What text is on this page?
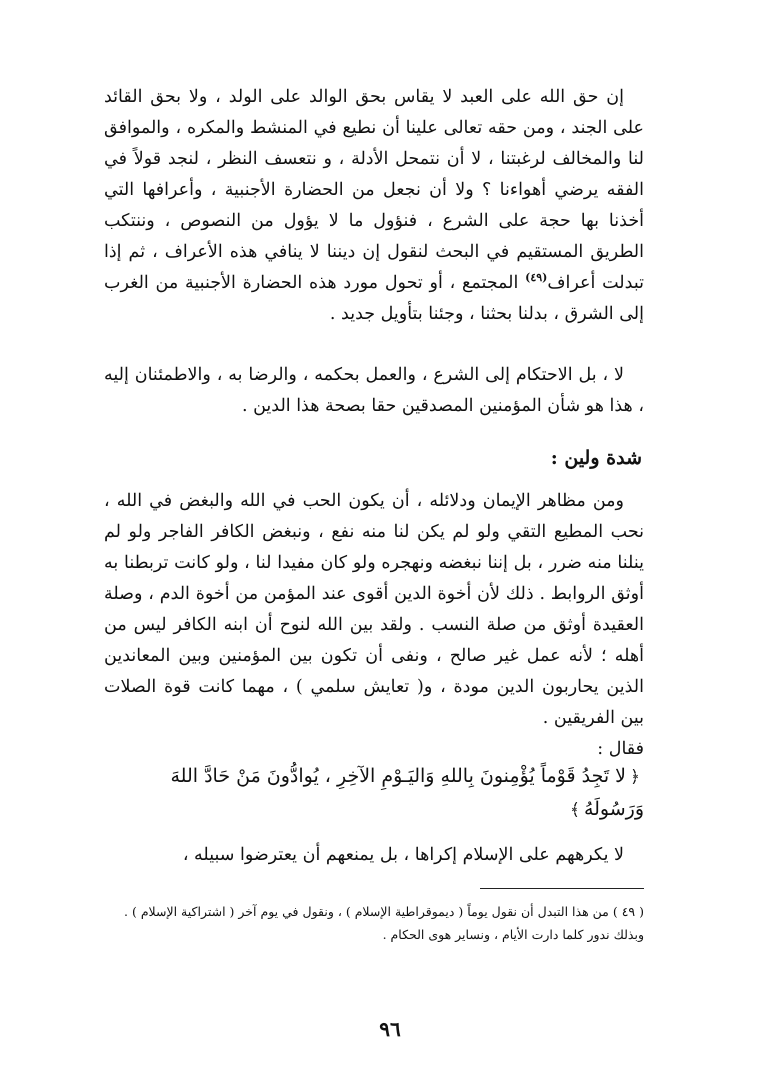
إن حق الله على العبد لا يقاس بحق الوالد على الولد ، ولا بحق القائد على الجند ، ومن حقه تعالى علينا أن نطيع في المنشط والمكره ، والموافق لنا والمخالف لرغبتنا ، لا أن نتمحل الأدلة ، و نتعسف النظر ، لنجد قولاً في الفقه يرضي أهواءنا ؟ ولا أن نجعل من الحضارة الأجنبية ، وأعرافها التي أخذنا بها حجة على الشرع ، فنؤول ما لا يؤول من النصوص ، وننتكب الطريق المستقيم في البحث لنقول إن ديننا لا ينافي هذه الأعراف ، ثم إذا تبدلت أعراف$^{(٤٩)}$ المجتمع ، أو تحول مورد هذه الحضارة الأجنبية من الغرب إلى الشرق ، بدلنا بحثنا ، وجئنا بتأويل جديد .

لا ، بل الاحتكام إلى الشرع ، والعمل بحكمه ، والرضا به ، والاطمئنان إليه ، هذا هو شأن المؤمنين المصدقين حقا بصحة هذا الدين .

شدة ولين :

ومن مظاهر الإيمان ودلائله ، أن يكون الحب في الله والبغض في الله ، نحب المطيع التقي ولو لم يكن لنا منه نفع ، ونبغض الكافر الفاجر ولو لم ينلنا منه ضرر ، بل إننا نبغضه ونهجره ولو كان مفيدا لنا ، ولو كانت تربطنا به أوثق الروابط . ذلك لأن أخوة الدين أقوى عند المؤمن من أخوة الدم ، وصلة العقيدة أوثق من صلة النسب . ولقد بين الله لنوح أن ابنه الكافر ليس من أهله ؛ لأنه عمل غير صالح ، ونفى أن تكون بين المؤمنين وبين المعاندين الذين يحاربون الدين مودة ، و( تعايش سلمي ) ، مهما كانت قوة الصلات بين الفريقين .
فقال :

﴿لا تَجِدُ قَوْماً يُؤْمِنونَ بِاللهِ وَاليَـوْمِ الآخِرِ ، يُوادُّونَ مَنْ حَادَّ اللهَ وَرَسُولَهُ﴾

لا يكرههم على الإسلام إكراها ، بل يمنعهم أن يعترضوا سبيله ،

( ٤٩ ) من هذا التبدل أن نقول يوماً ( ديموقراطية الإسلام ) ، ونقول في يوم آخر ( اشتراكية الإسلام ) .

وبذلك ندور كلما دارت الأيام ، ونساير هوى الحكام .

٩٦
